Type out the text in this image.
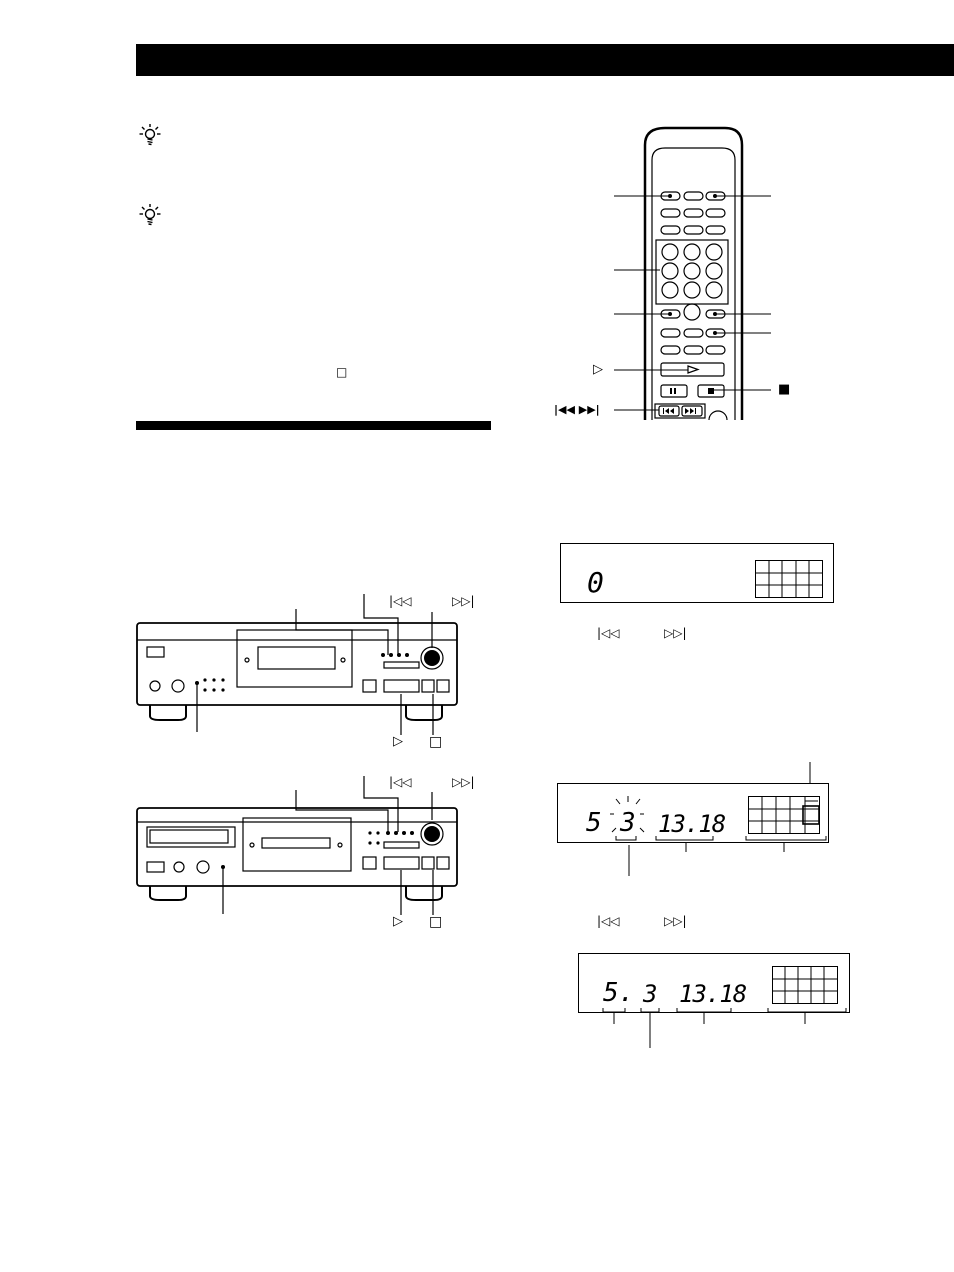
□	▷
■
|◀◀ ▶▶|
0
|◁◁	▷▷|
|◁◁	▷▷|
▷ □
5 3 13.18
|◁◁	▷▷|
|◁◁	▷▷|
▷ □
5. 3 13.18
